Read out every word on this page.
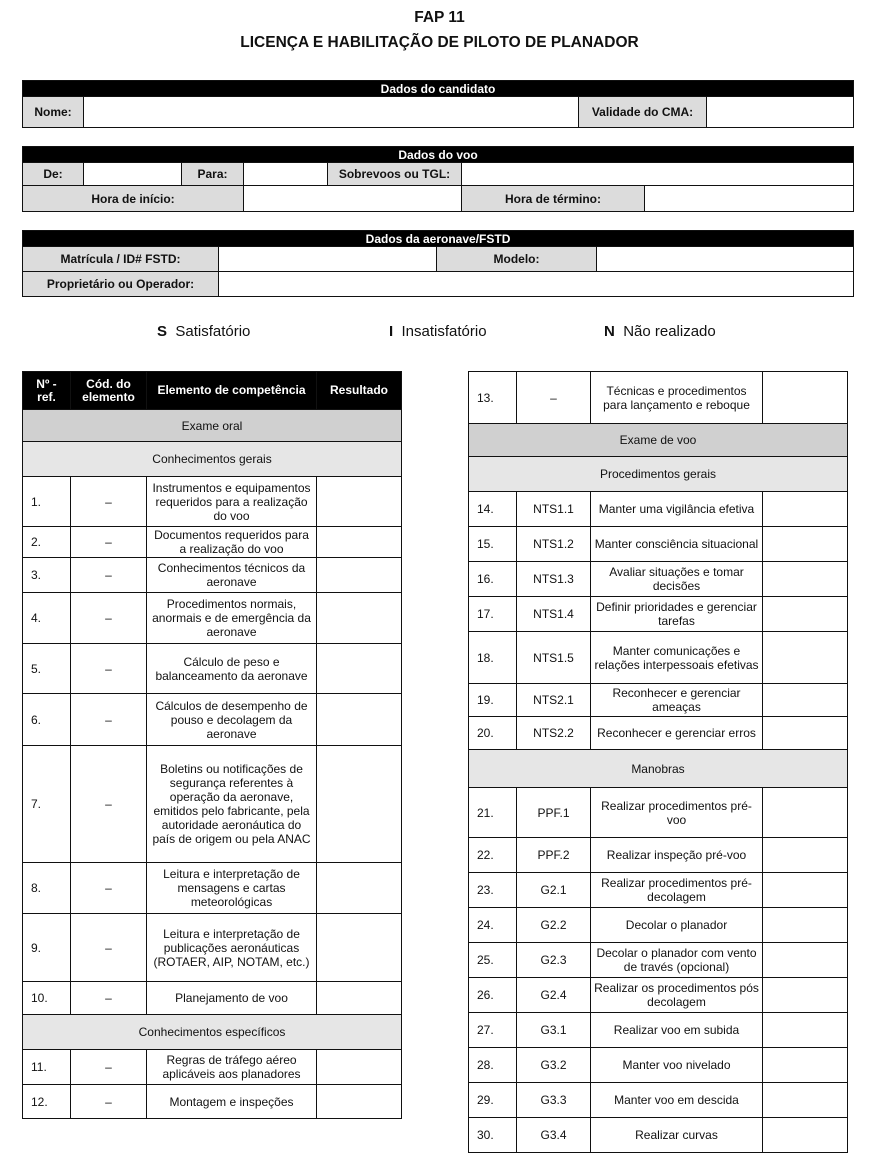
FAP 11
LICENÇA E HABILITAÇÃO DE PILOTO DE PLANADOR
Dados do candidato
Nome:		Validade do CMA:	
Dados do voo						
De:		Para:		Sobrevoos ou TGL:		
Hora de início:					Hora de término:	
Dados da aeronave/FSTD			
Matrícula / ID# FSTD:		Modelo:	
Proprietário ou Operador:			
S Satisfatório	I Insatisfatório	N Não realizado
Nº - ref.	Cód. do elemento	Elemento de competência	Resultado
Exame oral			
Conhecimentos gerais			
1.	–	Instrumentos e equipamentos requeridos para a realização do voo	
2.	–	Documentos requeridos para a realização do voo	
3.	–	Conhecimentos técnicos da aeronave	
4.	–	Procedimentos normais, anormais e de emergência da aeronave	
5.	–	Cálculo de peso e balanceamento da aeronave	
6.	–	Cálculos de desempenho de pouso e decolagem da aeronave	
7.	–	Boletins ou notificações de segurança referentes à operação da aeronave, emitidos pelo fabricante, pela autoridade aeronáutica do país de origem ou pela ANAC	
8.	–	Leitura e interpretação de mensagens e cartas meteorológicas	
9.	–	Leitura e interpretação de publicações aeronáuticas (ROTAER, AIP, NOTAM, etc.)	
10.	–	Planejamento de voo	
Conhecimentos específicos			
11.	–	Regras de tráfego aéreo aplicáveis aos planadores	
12.	–	Montagem e inspeções	
13.	–	Técnicas e procedimentos para lançamento e reboque	
Exame de voo			
Procedimentos gerais			
14.	NTS1.1	Manter uma vigilância efetiva	
15.	NTS1.2	Manter consciência situacional	
16.	NTS1.3	Avaliar situações e tomar decisões	
17.	NTS1.4	Definir prioridades e gerenciar tarefas	
18.	NTS1.5	Manter comunicações e relações interpessoais efetivas	
19.	NTS2.1	Reconhecer e gerenciar ameaças	
20.	NTS2.2	Reconhecer e gerenciar erros	
Manobras			
21.	PPF.1	Realizar procedimentos pré-voo	
22.	PPF.2	Realizar inspeção pré-voo	
23.	G2.1	Realizar procedimentos pré-decolagem	
24.	G2.2	Decolar o planador	
25.	G2.3	Decolar o planador com vento de través (opcional)	
26.	G2.4	Realizar os procedimentos pós decolagem	
27.	G3.1	Realizar voo em subida	
28.	G3.2	Manter voo nivelado	
29.	G3.3	Manter voo em descida	
30.	G3.4	Realizar curvas	
